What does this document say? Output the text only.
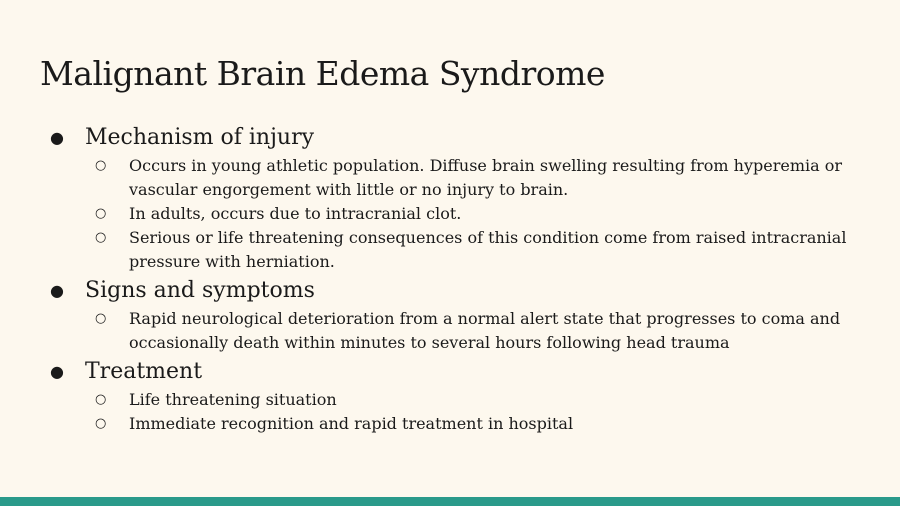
Malignant Brain Edema Syndrome
● Mechanism of injury
○ Occurs in young athletic population. Diffuse brain swelling resulting from hyperemia or vascular engorgement with little or no injury to brain.
○ In adults, occurs due to intracranial clot.
○ Serious or life threatening consequences of this condition come from raised intracranial pressure with herniation.
● Signs and symptoms
○ Rapid neurological deterioration from a normal alert state that progresses to coma and occasionally death within minutes to several hours following head trauma
● Treatment
○ Life threatening situation
○ Immediate recognition and rapid treatment in hospital
